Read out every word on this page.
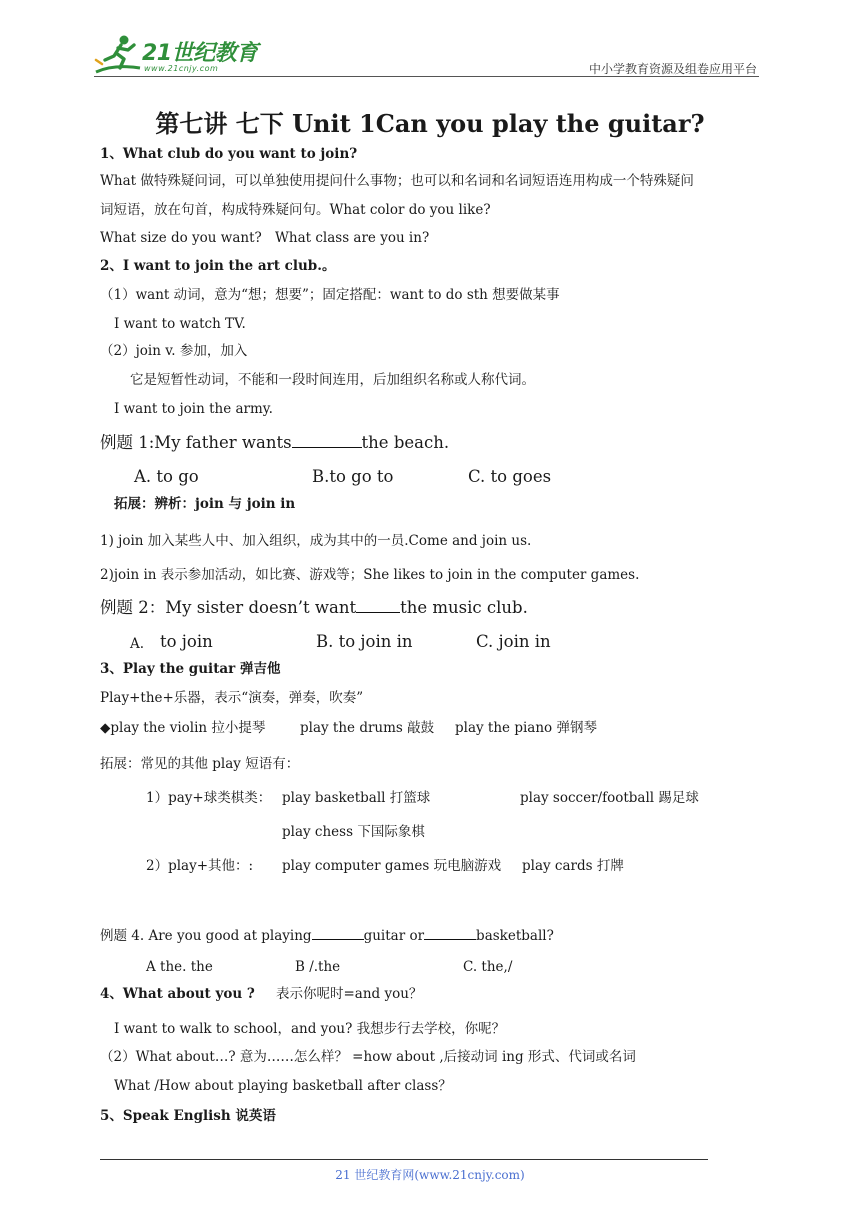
21世纪教育
www.21cnjy.com	中小学教育资源及组卷应用平台
第七讲 七下 Unit 1Can you play the guitar?
1、What club do you want to join?
What 做特殊疑问词，可以单独使用提问什么事物；也可以和名词和名词短语连用构成一个特殊疑问
词短语，放在句首，构成特殊疑问句。What color do you like?
What size do you want? What class are you in?
2、I want to join the art club.。
（1）want 动词，意为“想；想要”；固定搭配：want to do sth 想要做某事
I want to watch TV.
（2）join v. 参加，加入
它是短暂性动词，不能和一段时间连用，后加组织名称或人称代词。
I want to join the army.
例题 1:My father wants	the beach.
A. to go	B.to go to	C. to goes
拓展：辨析：join 与 join in
1) join 加入某些人中、加入组织，成为其中的一员.Come and join us.
2)join in 表示参加活动，如比赛、游戏等；She likes to join in the computer games.
例题 2：My sister doesn’t want	the music club.
A. to join	B. to join in	C. join in
3、Play the guitar 弹吉他
Play+the+乐器，表示“演奏，弹奏，吹奏”
◆play the violin 拉小提琴	play the drums 敲鼓 play the piano 弹钢琴
拓展：常见的其他 play 短语有：
1）pay+球类棋类： play basketball 打篮球	play soccer/football 踢足球
play chess 下国际象棋
2）play+其他：: play computer games 玩电脑游戏 play cards 打牌
例题 4. Are you good at playing	guitar or	basketball?
A the. the	B /.the	C. the,/
4、What about you ? 表示你呢时=and you？
I want to walk to school，and you? 我想步行去学校，你呢？
（2）What about…? 意为……怎么样？ =how about ,后接动词 ing 形式、代词或名词
What /How about playing basketball after class？
5、Speak English 说英语
21 世纪教育网(www.21cnjy.com)
